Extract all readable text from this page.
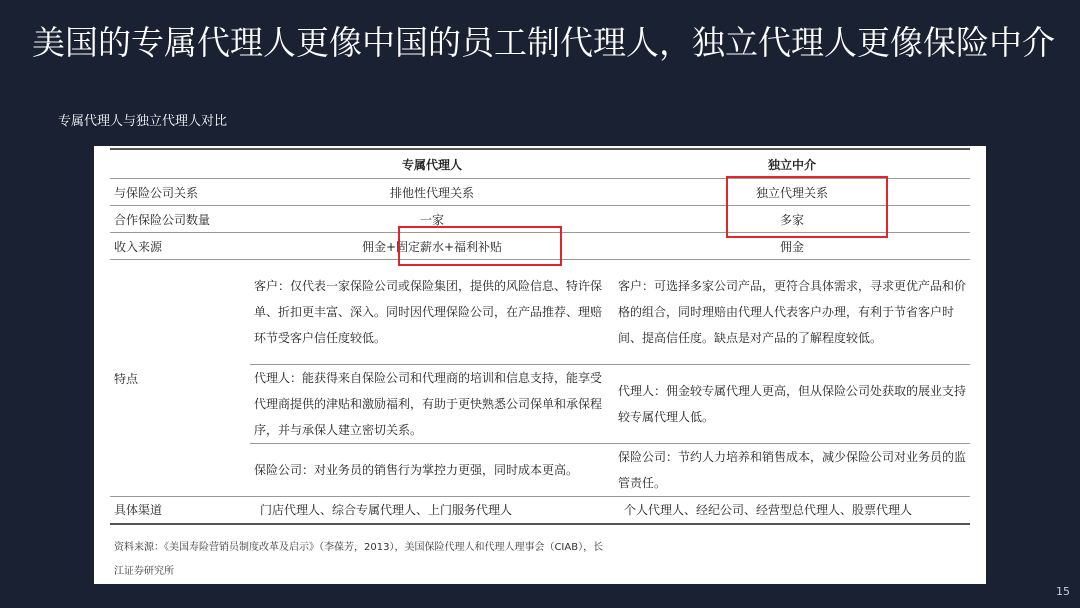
美国的专属代理人更像中国的员工制代理人，独立代理人更像保险中介
专属代理人与独立代理人对比
	专属代理人	独立中介
与保险公司关系	排他性代理关系	独立代理关系
合作保险公司数量	一家	多家
收入来源	佣金+固定薪水+福利补贴	佣金
特点	客户：仅代表一家保险公司或保险集团，提供的风险信息、特许保单、折扣更丰富、深入。同时因代理保险公司，在产品推荐、理赔环节受客户信任度较低。	客户：可选择多家公司产品，更符合具体需求，寻求更优产品和价格的组合，同时理赔由代理人代表客户办理，有利于节省客户时间、提高信任度。缺点是对产品的了解程度较低。
	代理人：能获得来自保险公司和代理商的培训和信息支持，能享受代理商提供的津贴和激励福利，有助于更快熟悉公司保单和承保程序，并与承保人建立密切关系。	代理人：佣金较专属代理人更高，但从保险公司处获取的展业支持较专属代理人低。
	保险公司：对业务员的销售行为掌控力更强，同时成本更高。	保险公司：节约人力培养和销售成本，减少保险公司对业务员的监管责任。
具体渠道	门店代理人、综合专属代理人、上门服务代理人	个人代理人、经纪公司、经营型总代理人、股票代理人
资料来源：《美国寿险营销员制度改革及启示》（李葆芳，2013），美国保险代理人和代理人理事会（CIAB），长
江证券研究所
15
